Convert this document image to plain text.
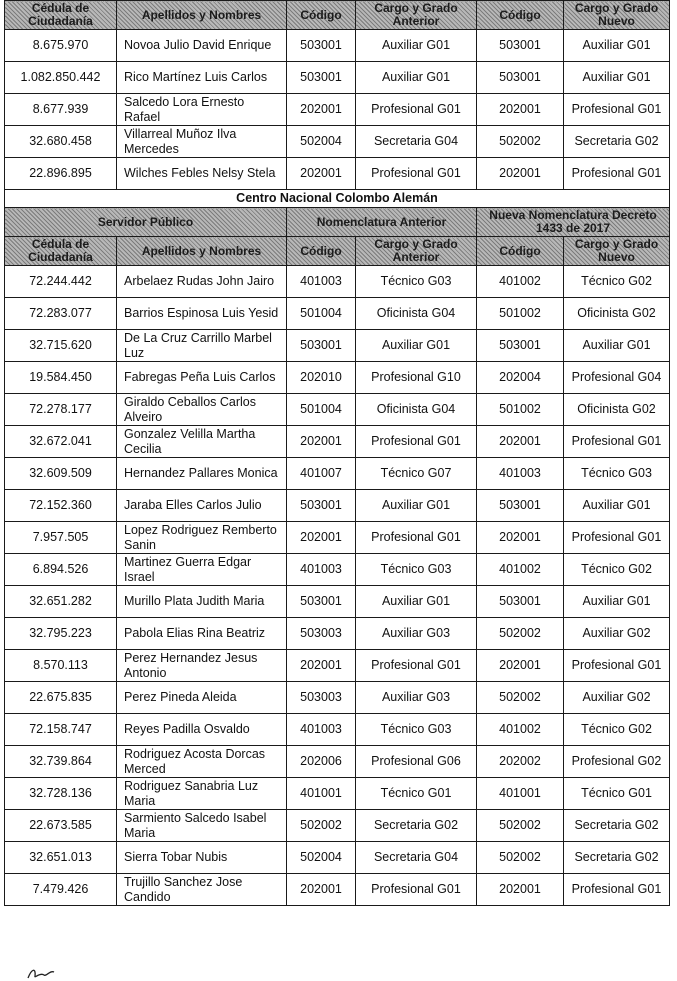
Cédula de Ciudadanía	Apellidos y Nombres	Código	Cargo y Grado Anterior	Código	Cargo y Grado Nuevo
8.675.970	Novoa Julio David Enrique	503001	Auxiliar G01	503001	Auxiliar G01
1.082.850.442	Rico Martínez Luis Carlos	503001	Auxiliar G01	503001	Auxiliar G01
8.677.939	Salcedo Lora Ernesto Rafael	202001	Profesional G01	202001	Profesional G01
32.680.458	Villarreal Muñoz Ilva Mercedes	502004	Secretaria G04	502002	Secretaria G02
22.896.895	Wilches Febles Nelsy Stela	202001	Profesional G01	202001	Profesional G01
Centro Nacional Colombo Alemán					
Servidor Público		Nomenclatura Anterior		Nueva Nomenclatura Decreto 1433 de 2017	
Cédula de Ciudadanía	Apellidos y Nombres	Código	Cargo y Grado Anterior	Código	Cargo y Grado Nuevo
72.244.442	Arbelaez Rudas John Jairo	401003	Técnico G03	401002	Técnico G02
72.283.077	Barrios Espinosa Luis Yesid	501004	Oficinista G04	501002	Oficinista G02
32.715.620	De La Cruz Carrillo Marbel Luz	503001	Auxiliar G01	503001	Auxiliar G01
19.584.450	Fabregas Peña Luis Carlos	202010	Profesional G10	202004	Profesional G04
72.278.177	Giraldo Ceballos Carlos Alveiro	501004	Oficinista G04	501002	Oficinista G02
32.672.041	Gonzalez Velilla Martha Cecilia	202001	Profesional G01	202001	Profesional G01
32.609.509	Hernandez Pallares Monica	401007	Técnico G07	401003	Técnico G03
72.152.360	Jaraba Elles Carlos Julio	503001	Auxiliar G01	503001	Auxiliar G01
7.957.505	Lopez Rodriguez Remberto Sanin	202001	Profesional G01	202001	Profesional G01
6.894.526	Martinez Guerra Edgar Israel	401003	Técnico G03	401002	Técnico G02
32.651.282	Murillo Plata Judith Maria	503001	Auxiliar G01	503001	Auxiliar G01
32.795.223	Pabola Elias Rina Beatriz	503003	Auxiliar G03	502002	Auxiliar G02
8.570.113	Perez Hernandez Jesus Antonio	202001	Profesional G01	202001	Profesional G01
22.675.835	Perez Pineda Aleida	503003	Auxiliar G03	502002	Auxiliar G02
72.158.747	Reyes Padilla Osvaldo	401003	Técnico G03	401002	Técnico G02
32.739.864	Rodriguez Acosta Dorcas Merced	202006	Profesional G06	202002	Profesional G02
32.728.136	Rodriguez Sanabria Luz Maria	401001	Técnico G01	401001	Técnico G01
22.673.585	Sarmiento Salcedo Isabel Maria	502002	Secretaria G02	502002	Secretaria G02
32.651.013	Sierra Tobar Nubis	502004	Secretaria G04	502002	Secretaria G02
7.479.426	Trujillo Sanchez Jose Candido	202001	Profesional G01	202001	Profesional G01
